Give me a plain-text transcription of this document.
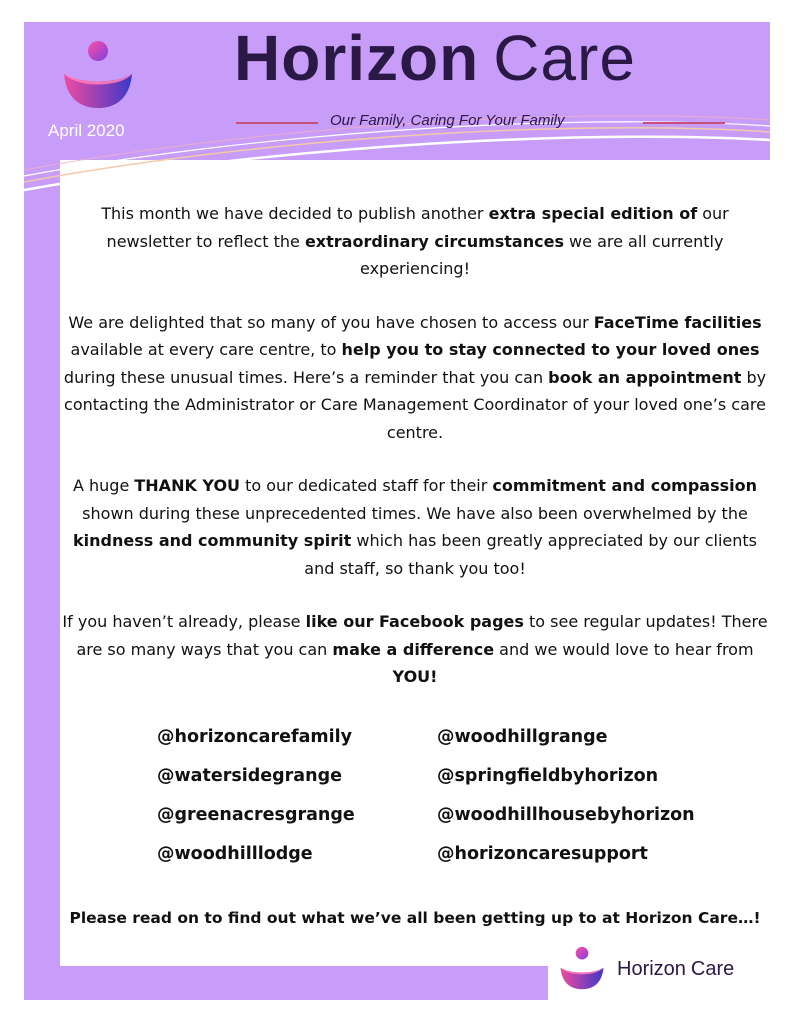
April 2020
Horizon Care
Our Family, Caring For Your Family

This month we have decided to publish another extra special edition of our newsletter to reflect the extraordinary circumstances we are all currently experiencing!

We are delighted that so many of you have chosen to access our FaceTime facilities available at every care centre, to help you to stay connected to your loved ones during these unusual times. Here’s a reminder that you can book an appointment by contacting the Administrator or Care Management Coordinator of your loved one’s care centre.

A huge THANK YOU to our dedicated staff for their commitment and compassion shown during these unprecedented times. We have also been overwhelmed by the kindness and community spirit which has been greatly appreciated by our clients and staff, so thank you too!

If you haven’t already, please like our Facebook pages to see regular updates! There are so many ways that you can make a difference and we would love to hear from YOU!

@horizoncarefamily	@woodhillgrange
@watersidegrange	@springfieldbyhorizon
@greenacresgrange	@woodhillhousebyhorizon
@woodhilllodge	@horizoncaresupport
Please read on to find out what we’ve all been getting up to at Horizon Care…!
Horizon Care
